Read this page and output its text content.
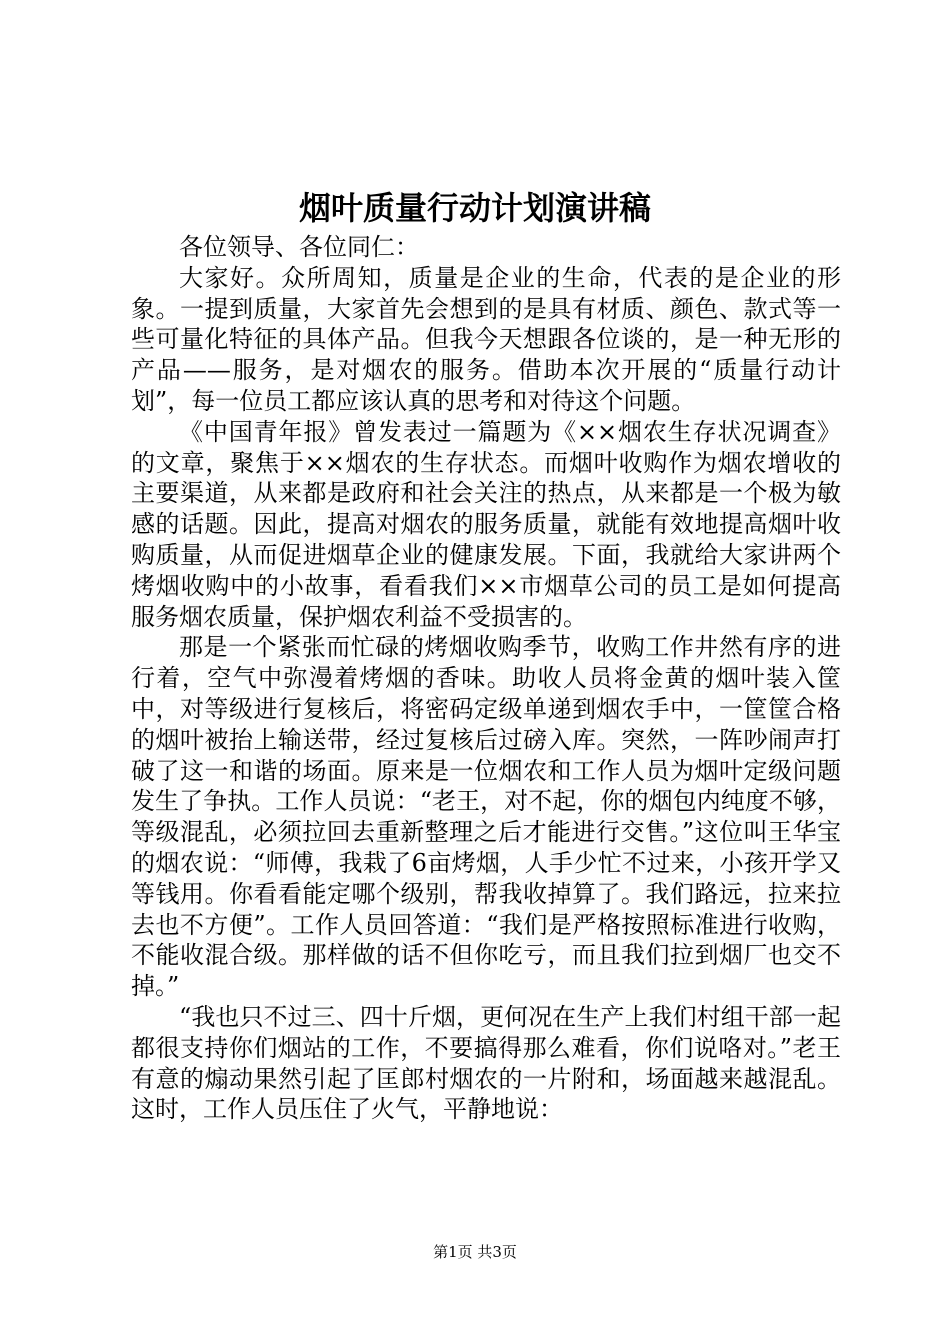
烟叶质量行动计划演讲稿

各位领导、各位同仁：

大家好。众所周知，质量是企业的生命，代表的是企业的形象。一提到质量，大家首先会想到的是具有材质、颜色、款式等一些可量化特征的具体产品。但我今天想跟各位谈的，是一种无形的产品——服务，是对烟农的服务。借助本次开展的“质量行动计划”，每一位员工都应该认真的思考和对待这个问题。

《中国青年报》曾发表过一篇题为《××烟农生存状况调查》的文章，聚焦于××烟农的生存状态。而烟叶收购作为烟农增收的主要渠道，从来都是政府和社会关注的热点，从来都是一个极为敏感的话题。因此，提高对烟农的服务质量，就能有效地提高烟叶收购质量，从而促进烟草企业的健康发展。下面，我就给大家讲两个烤烟收购中的小故事，看看我们××市烟草公司的员工是如何提高服务烟农质量，保护烟农利益不受损害的。

那是一个紧张而忙碌的烤烟收购季节，收购工作井然有序的进行着，空气中弥漫着烤烟的香味。助收人员将金黄的烟叶装入筐中，对等级进行复核后，将密码定级单递到烟农手中，一筐筐合格的烟叶被抬上输送带，经过复核后过磅入库。突然，一阵吵闹声打破了这一和谐的场面。原来是一位烟农和工作人员为烟叶定级问题发生了争执。工作人员说：“老王，对不起，你的烟包内纯度不够，等级混乱，必须拉回去重新整理之后才能进行交售。”这位叫王华宝的烟农说：“师傅，我栽了6亩烤烟，人手少忙不过来，小孩开学又等钱用。你看看能定哪个级别，帮我收掉算了。我们路远，拉来拉去也不方便”。工作人员回答道：“我们是严格按照标准进行收购，不能收混合级。那样做的话不但你吃亏，而且我们拉到烟厂也交不掉。”

“我也只不过三、四十斤烟，更何况在生产上我们村组干部一起都很支持你们烟站的工作，不要搞得那么难看，你们说咯对。”老王有意的煽动果然引起了匡郎村烟农的一片附和，场面越来越混乱。这时，工作人员压住了火气，平静地说：

第1页 共3页
